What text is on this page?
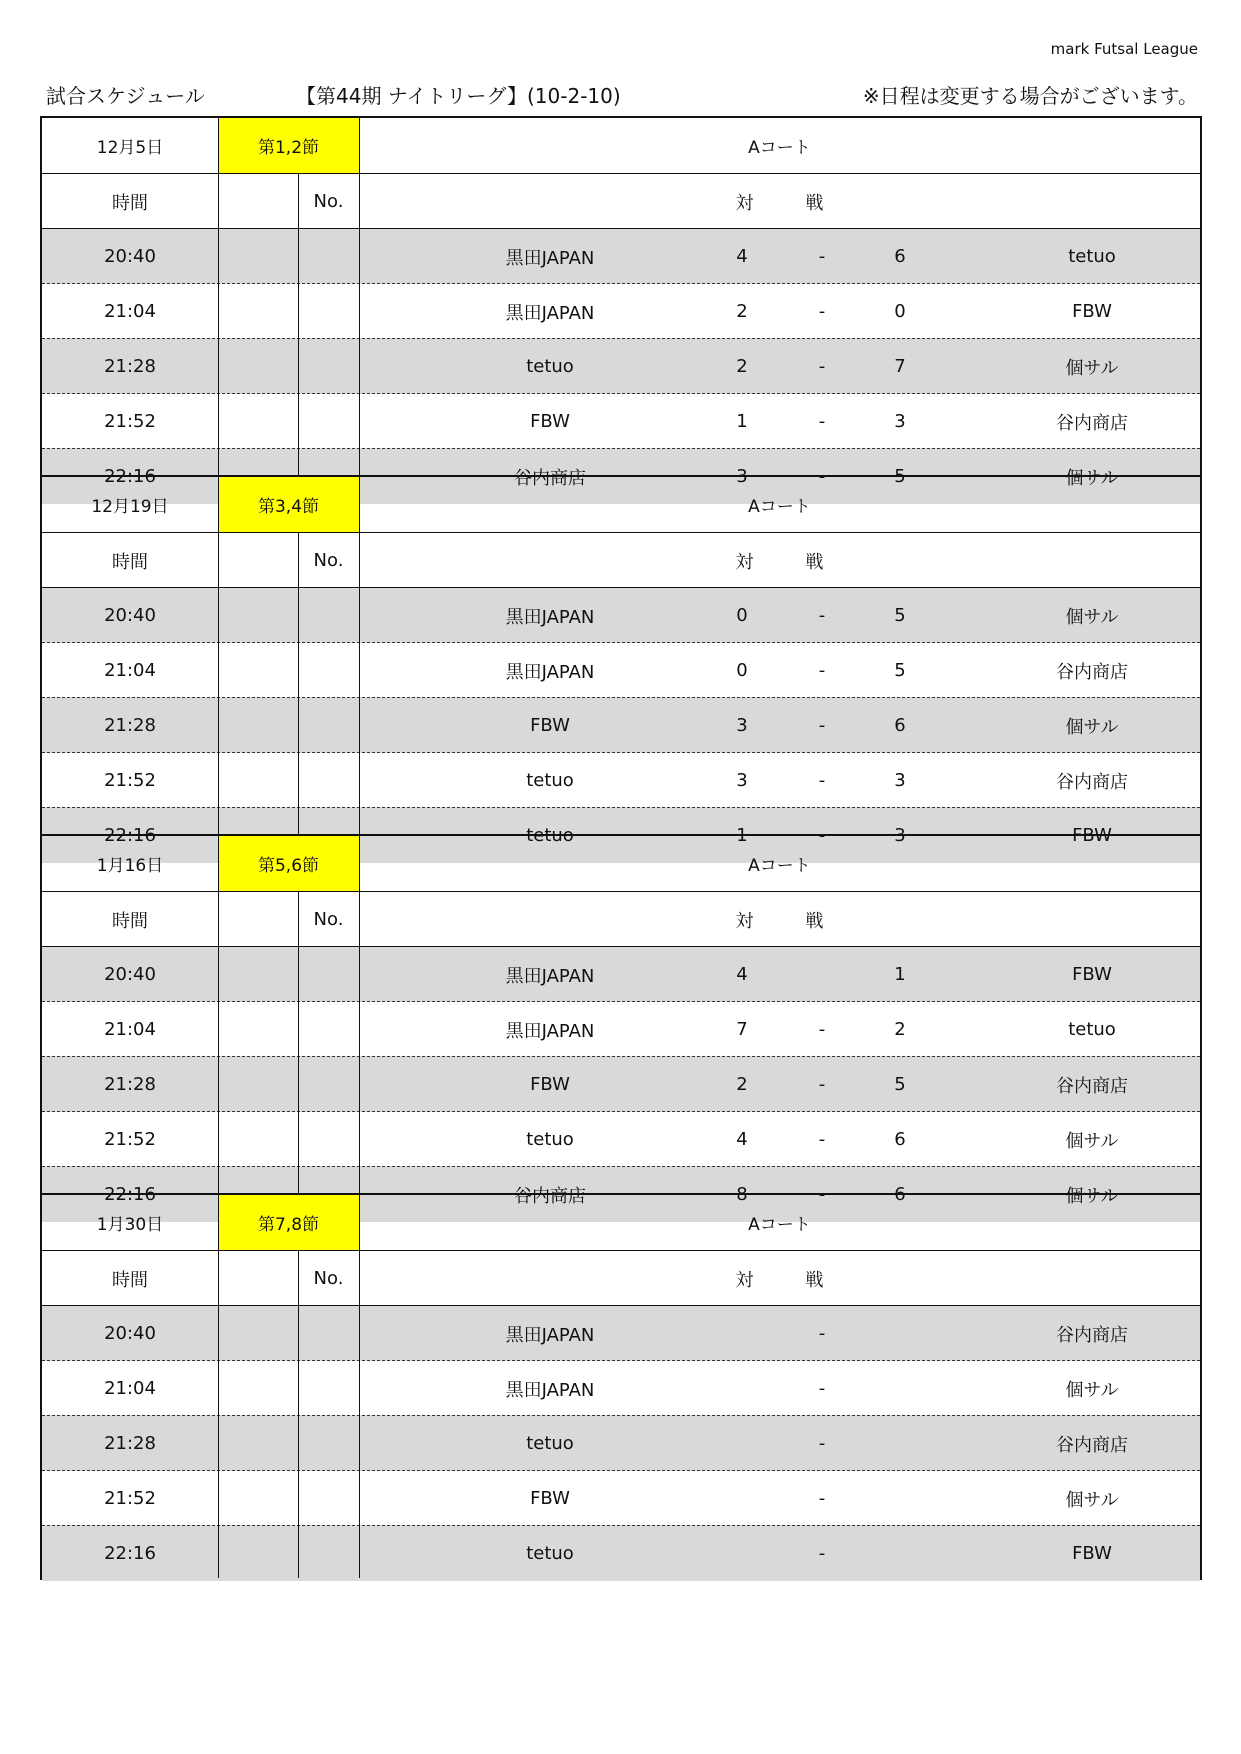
mark Futsal League
試合スケジュール	【第44期 ナイトリーグ】(10-2-10)	※日程は変更する場合がございます。
12月5日	第1,2節	Aコート
時間	No.	対	戦
20:40	黒田JAPAN	4	-	6	tetuo
21:04	黒田JAPAN	2	-	0	FBW
21:28	tetuo	2	-	7	個サル
21:52	FBW	1	-	3	谷内商店
22:16	谷内商店	3	-	5	個サル
12月19日	第3,4節	Aコート
時間	No.	対	戦
20:40	黒田JAPAN	0	-	5	個サル
21:04	黒田JAPAN	0	-	5	谷内商店
21:28	FBW	3	-	6	個サル
21:52	tetuo	3	-	3	谷内商店
22:16	tetuo	1	-	3	FBW
1月16日	第5,6節	Aコート
時間	No.	対	戦
20:40	黒田JAPAN	4	1	FBW
21:04	黒田JAPAN	7	-	2	tetuo
21:28	FBW	2	-	5	谷内商店
21:52	tetuo	4	-	6	個サル
22:16	谷内商店	8	-	6	個サル
1月30日	第7,8節	Aコート
時間	No.	対	戦
20:40	黒田JAPAN	-	谷内商店
21:04	黒田JAPAN	-	個サル
21:28	tetuo	-	谷内商店
21:52	FBW	-	個サル
22:16	tetuo	-	FBW
